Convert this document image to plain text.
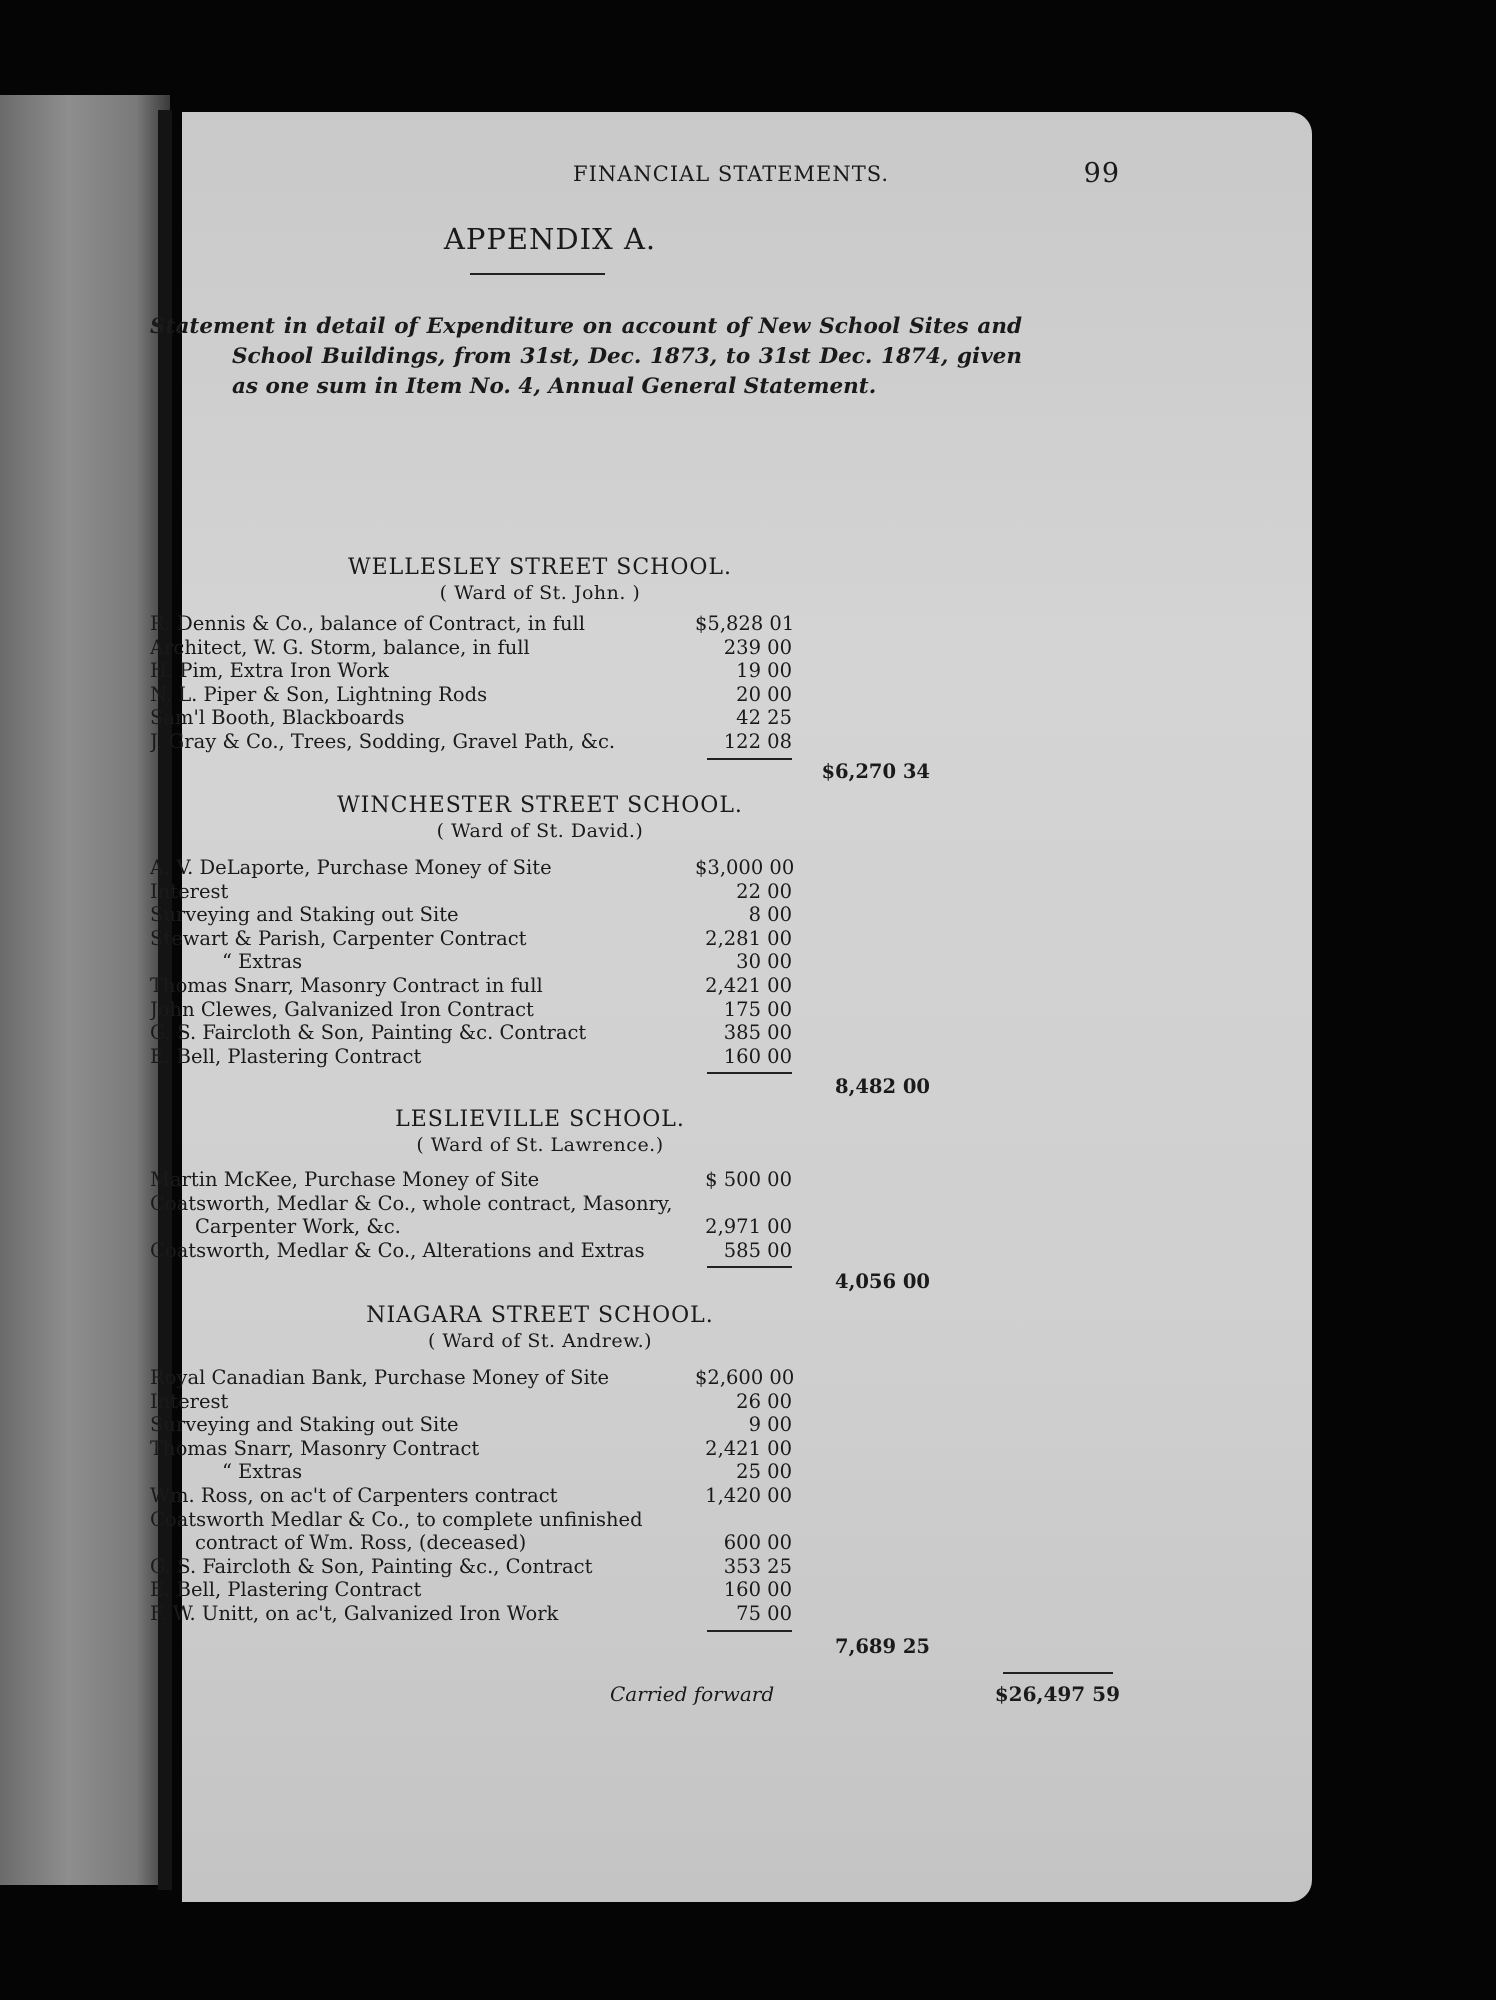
FINANCIAL STATEMENTS.	99
APPENDIX A.
Statement in detail of Expenditure on account of New School Sites and School Buildings, from 31st, Dec. 1873, to 31st Dec. 1874, given as one sum in Item No. 4, Annual General Statement.
WELLESLEY STREET SCHOOL.
( Ward of St. John. )
R. Dennis & Co., balance of Contract, in full	$5,828 01
Architect, W. G. Storm, balance, in full	239 00
H. Pim, Extra Iron Work	19 00
N. L. Piper & Son, Lightning Rods	20 00
Sam'l Booth, Blackboards	42 25
J. Gray & Co., Trees, Sodding, Gravel Path, &c.	122 08
$6,270 34
WINCHESTER STREET SCHOOL.
( Ward of St. David.)
A. V. DeLaporte, Purchase Money of Site	$3,000 00
Interest	22 00
Surveying and Staking out Site	8 00
Stewart & Parish, Carpenter Contract	2,281 00
“ Extras	30 00
Thomas Snarr, Masonry Contract in full	2,421 00
John Clewes, Galvanized Iron Contract	175 00
G. S. Faircloth & Son, Painting &c. Contract	385 00
E. Bell, Plastering Contract	160 00
8,482 00
LESLIEVILLE SCHOOL.
( Ward of St. Lawrence.)
Martin McKee, Purchase Money of Site	$ 500 00
Coatsworth, Medlar & Co., whole contract, Masonry,
Carpenter Work, &c.	2,971 00
Coatsworth, Medlar & Co., Alterations and Extras	585 00
4,056 00
NIAGARA STREET SCHOOL.
( Ward of St. Andrew.)
Royal Canadian Bank, Purchase Money of Site	$2,600 00
Interest	26 00
Surveying and Staking out Site	9 00
Thomas Snarr, Masonry Contract	2,421 00
“ Extras	25 00
Wm. Ross, on ac't of Carpenters contract	1,420 00
Coatsworth Medlar & Co., to complete unfinished
contract of Wm. Ross, (deceased)	600 00
G. S. Faircloth & Son, Painting &c., Contract	353 25
E. Bell, Plastering Contract	160 00
F. W. Unitt, on ac't, Galvanized Iron Work	75 00
7,689 25
Carried forward	$26,497 59
